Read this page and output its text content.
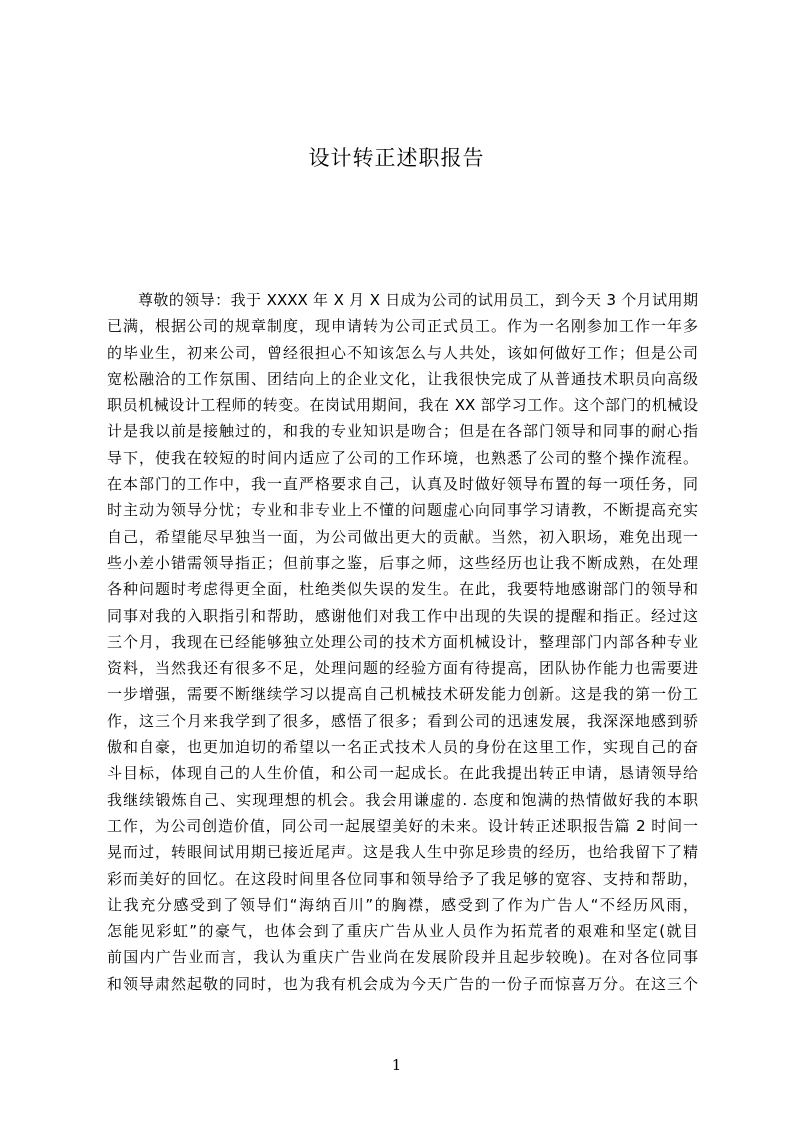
设计转正述职报告
尊敬的领导：我于 XXXX 年 X 月 X 日成为公司的试用员工，到今天 3 个月试用期
已满，根据公司的规章制度，现申请转为公司正式员工。作为一名刚参加工作一年多
的毕业生，初来公司，曾经很担心不知该怎么与人共处，该如何做好工作；但是公司
宽松融洽的工作氛围、团结向上的企业文化，让我很快完成了从普通技术职员向高级
职员机械设计工程师的转变。在岗试用期间，我在 XX 部学习工作。这个部门的机械设
计是我以前是接触过的，和我的专业知识是吻合；但是在各部门领导和同事的耐心指
导下，使我在较短的时间内适应了公司的工作环境，也熟悉了公司的整个操作流程。
在本部门的工作中，我一直严格要求自己，认真及时做好领导布置的每一项任务，同
时主动为领导分忧；专业和非专业上不懂的问题虚心向同事学习请教，不断提高充实
自己，希望能尽早独当一面，为公司做出更大的贡献。当然，初入职场，难免出现一
些小差小错需领导指正；但前事之鉴，后事之师，这些经历也让我不断成熟，在处理
各种问题时考虑得更全面，杜绝类似失误的发生。在此，我要特地感谢部门的领导和
同事对我的入职指引和帮助，感谢他们对我工作中出现的失误的提醒和指正。经过这
三个月，我现在已经能够独立处理公司的技术方面机械设计，整理部门内部各种专业
资料，当然我还有很多不足，处理问题的经验方面有待提高，团队协作能力也需要进
一步增强，需要不断继续学习以提高自己机械技术研发能力创新。这是我的第一份工
作，这三个月来我学到了很多，感悟了很多；看到公司的迅速发展，我深深地感到骄
傲和自豪，也更加迫切的希望以一名正式技术人员的身份在这里工作，实现自己的奋
斗目标，体现自己的人生价值，和公司一起成长。在此我提出转正申请，恳请领导给
我继续锻炼自己、实现理想的机会。我会用谦虚的. 态度和饱满的热情做好我的本职
工作，为公司创造价值，同公司一起展望美好的未来。设计转正述职报告篇 2 时间一
晃而过，转眼间试用期已接近尾声。这是我人生中弥足珍贵的经历，也给我留下了精
彩而美好的回忆。在这段时间里各位同事和领导给予了我足够的宽容、支持和帮助，
让我充分感受到了领导们“海纳百川”的胸襟，感受到了作为广告人“不经历风雨，
怎能见彩虹”的豪气，也体会到了重庆广告从业人员作为拓荒者的艰难和坚定(就目
前国内广告业而言，我认为重庆广告业尚在发展阶段并且起步较晚)。在对各位同事
和领导肃然起敬的同时，也为我有机会成为今天广告的一份子而惊喜万分。在这三个
1
